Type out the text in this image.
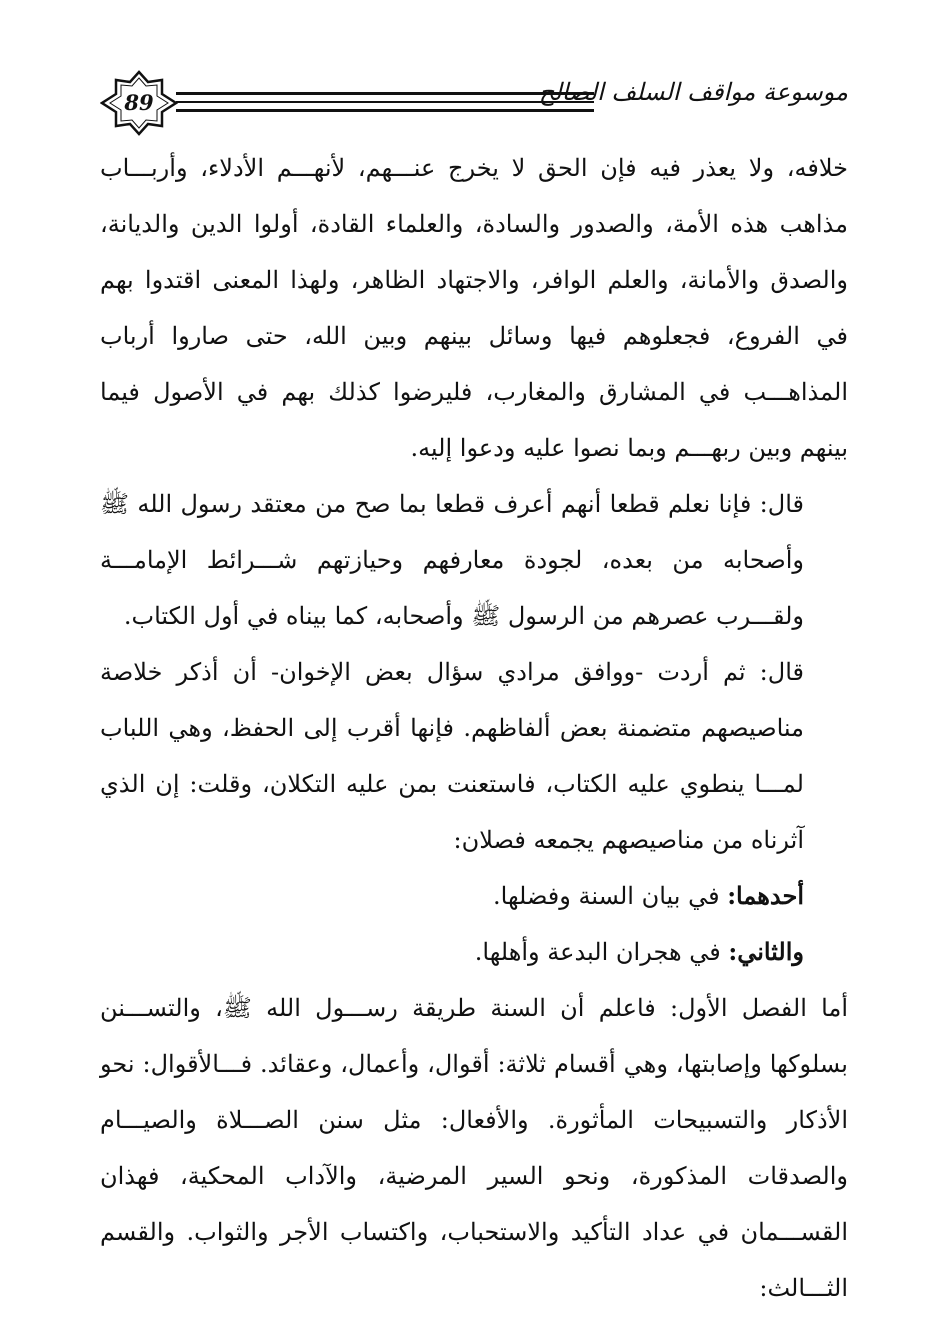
89	موسوعة مواقف السلف الصالح

خلافه، ولا يعذر فيه فإن الحق لا يخرج عنـــهم، لأنهـــم الأدلاء، وأربـــاب مذاهب هذه الأمة، والصدور والسادة، والعلماء القادة، أولوا الدين والديانة، والصدق والأمانة، والعلم الوافر، والاجتهاد الظاهر، ولهذا المعنى اقتدوا بهم في الفروع، فجعلوهم فيها وسائل بينهم وبين الله، حتى صاروا أرباب المذاهـــب في المشارق والمغارب، فليرضوا كذلك بهم في الأصول فيما بينهم وبين ربهـــم وبما نصوا عليه ودعوا إليه.

قال: فإنا نعلم قطعا أنهم أعرف قطعا بما صح من معتقد رسول الله ﷺ وأصحابه من بعده، لجودة معارفهم وحيازتهم شـــرائط الإمامـــة ولقـــرب عصرهم من الرسول ﷺ وأصحابه، كما بيناه في أول الكتاب.

قال: ثم أردت -ووافق مرادي سؤال بعض الإخوان- أن أذكر خلاصة مناصيصهم متضمنة بعض ألفاظهم. فإنها أقرب إلى الحفظ، وهي اللباب لمـــا ينطوي عليه الكتاب، فاستعنت بمن عليه التكلان، وقلت: إن الذي آثرناه من مناصيصهم يجمعه فصلان:

أحدهما: في بيان السنة وفضلها.

والثاني: في هجران البدعة وأهلها.

أما الفصل الأول: فاعلم أن السنة طريقة رســـول الله ﷺ، والتســـنن بسلوكها وإصابتها، وهي أقسام ثلاثة: أقوال، وأعمال، وعقائد. فـــالأقوال: نحو الأذكار والتسبيحات المأثورة. والأفعال: مثل سنن الصـــلاة والصيـــام والصدقات المذكورة، ونحو السير المرضية، والآداب المحكية، فهذان القســـمان في عداد التأكيد والاستحباب، واكتساب الأجر والثواب. والقسم الثـــالث:
